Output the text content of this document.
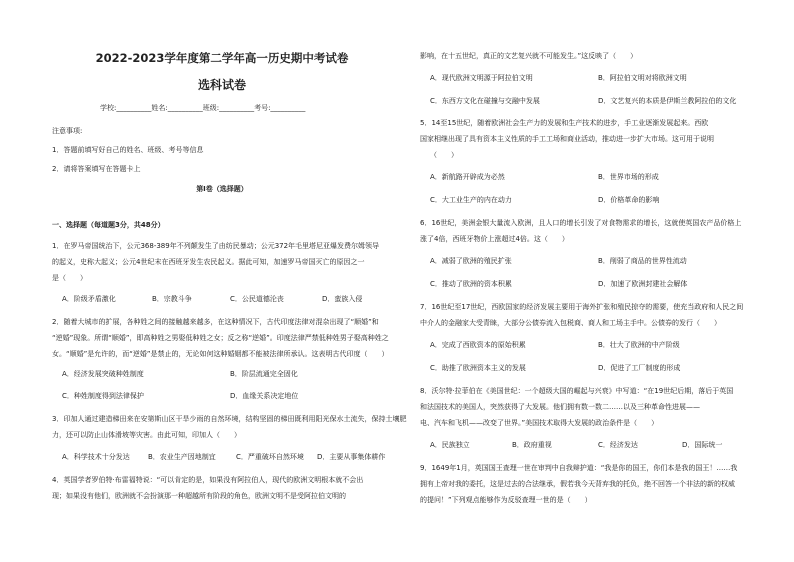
2022-2023学年度第二学年高一历史期中考试卷
选科试卷
学校:__________姓名:__________班级:__________考号:__________
注意事项:
1．答题前填写好自己的姓名、班级、考号等信息
2．请将答案填写在答题卡上
第I卷（选择题）
一、选择题（每道题3分，共48分）
1．在罗马帝国统治下，公元368-389年不列颠发生了由纺民暴动；公元372年毛里塔尼亚爆发费尔姆领导
的起义，史称大起义；公元4世纪末在西班牙发生农民起义。据此可知，加速罗马帝国灭亡的原因之一
是（　　）
A．阶级矛盾激化	B．宗教斗争	C．公民道德沦丧	D．蛮族入侵
2．随着大城市的扩展，各种姓之间的接触越来越多，在这种情况下，古代印度法律对混杂出现了“顺婚”和
“逆婚”现象。所谓“顺婚”，即高种姓之男娶低种姓之女；反之称“逆婚”。印度法律严禁低种姓男子娶高种姓之
女。“顺婚”是允许的，而“逆婚”是禁止的，无论如何这种婚姻都不能被法律所承认。这表明古代印度（　　）
A．经济发展突破种姓制度	B．阶层流通完全固化
C．种姓制度得到法律保护	D．血缘关系决定地位
3．印加人通过建造梯田来在安第斯山区干旱少雨的自然环境，结构坚固的梯田既利用阳光保水土流失，保持土壤肥
力，还可以防止山体滑坡等灾害。由此可知，印加人（　　）
A．科学技术十分发达	B．农业生产因地制宜	C．严重破坏自然环境 D．主要从事集体耕作
4．英国学者罗伯特·布雷福特说：“可以肯定的是，如果没有阿拉伯人，现代的欧洲文明根本就不会出
现；如果没有他们，欧洲就不会扮演那一种超越所有阶段的角色，欧洲文明不是受阿拉伯文明的
影响，在十五世纪，真正的文艺复兴就不可能发生。”这反映了（　　）
A．现代欧洲文明源于阿拉伯文明	B．阿拉伯文明对将欧洲文明
C．东西方文化在碰撞与交融中发展	D．文艺复兴的本质是伊斯兰教阿拉伯的文化
5．14至15世纪，随着欧洲社会生产力的发展和生产技术的进步，手工业逐渐发展起来。西欧
国家相继出现了具有资本主义性质的手工工场和商业活动，推动进一步扩大市场。这可用于说明
（　　）
A．新航路开辟成为必然	B．世界市场的形成
C．大工业生产的内在动力	D．价格革命的影响
6．16世纪，美洲金银大量流入欧洲，且人口的增长引发了对食物需求的增长，这就使英国农产品价格上
涨了4倍，西班牙物价上涨超过4倍。这（　　）
A．减弱了欧洲的殖民扩张	B．削弱了商品的世界性流动
C．推动了欧洲的资本积累	D．加速了欧洲封建社会解体
7．16世纪至17世纪，西欧国家的经济发展主要用于海外扩张和殖民掠夺的需要，使充当政府和人民之间
中介人的金融家大受青睐，大部分公债券流入包税商、商人和工场主手中。公债券的发行（　　）
A．完成了西欧资本的原始积累	B．壮大了欧洲的中产阶级
C．助推了欧洲资本主义的发展	D．促进了工厂制度的形成
8．沃尔特·拉菲伯在《美国世纪：一个超级大国的崛起与兴衰》中写道：“在19世纪后期，落后于英国
和法国技术的美国人，突然获得了大发展。他们拥有数一数二……以及三种革命性进展——
电、汽车和飞机——改变了世界。”美国技术取得大发展的政治条件是（　　）
A．民族独立	B．政府重视	C．经济发达	D．国际统一
9．1649年1月，英国国王查理一世在审判中自我辩护道：“我是你的国王，你们本是我的国王！……我
拥有上帝对我的委托，这是过去的合法继承，假若我今天背弃我的托负，绝不回答一个非法的新的权威
的提问！”下列观点能够作为反驳查理一世的是（　　）
